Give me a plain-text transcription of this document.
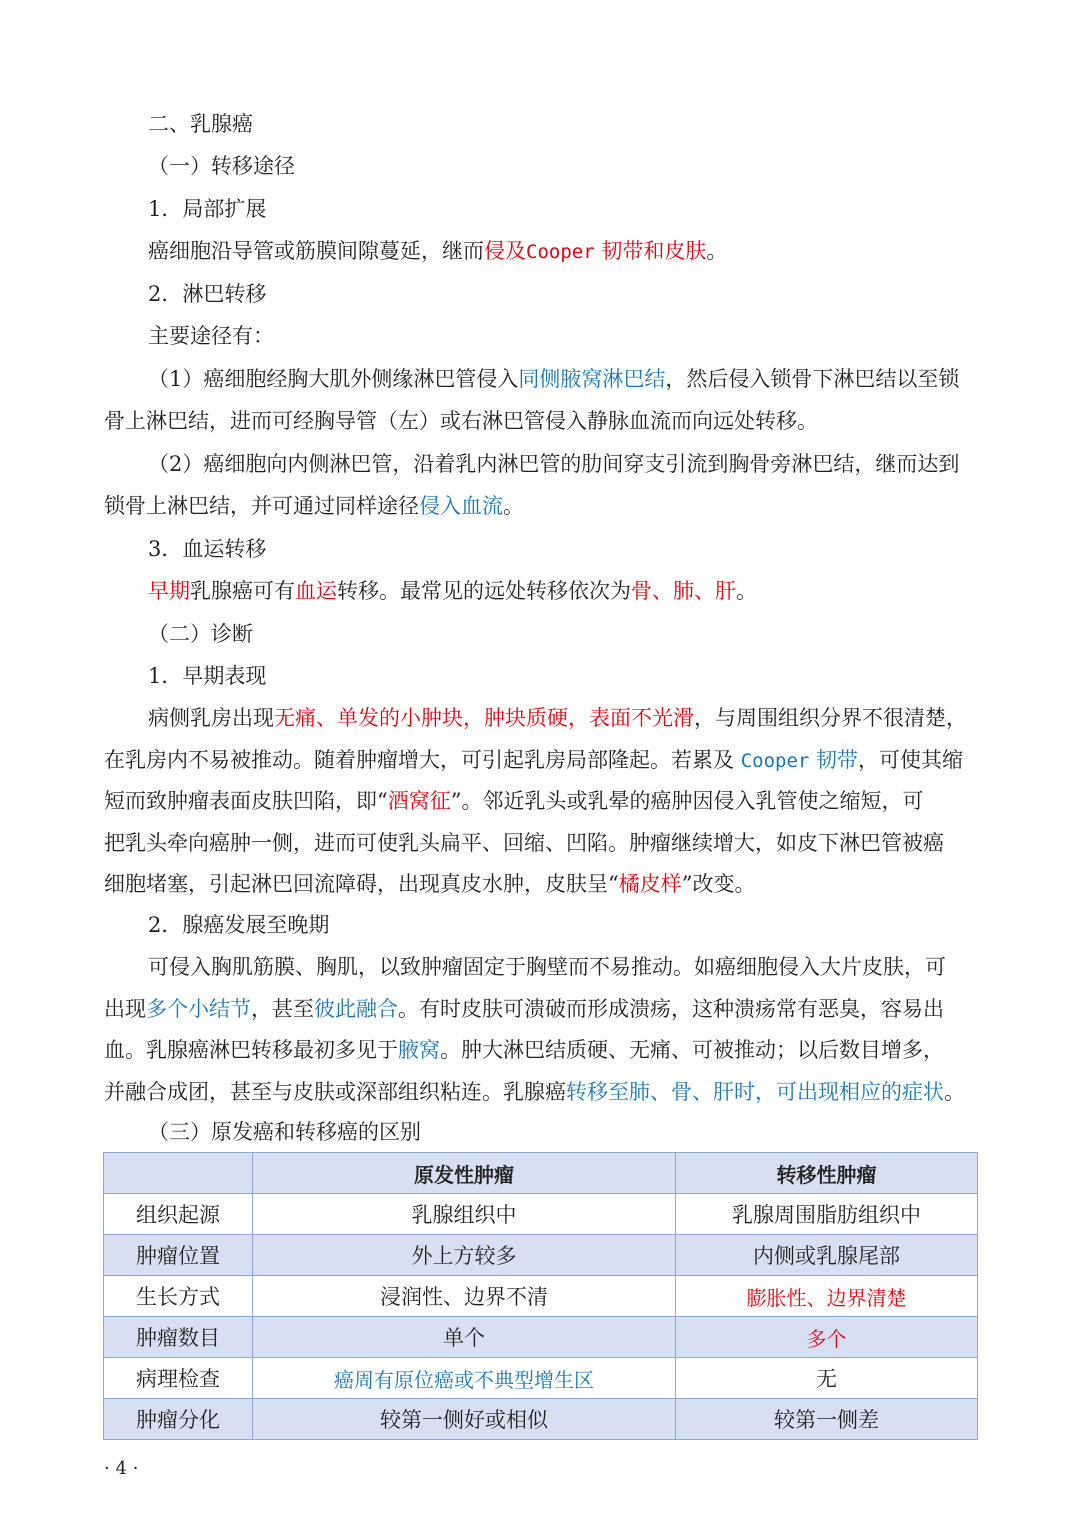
二、乳腺癌
（一）转移途径
1．局部扩展
癌细胞沿导管或筋膜间隙蔓延，继而侵及Cooper 韧带和皮肤。
2．淋巴转移
主要途径有：
（1）癌细胞经胸大肌外侧缘淋巴管侵入同侧腋窝淋巴结，然后侵入锁骨下淋巴结以至锁
骨上淋巴结，进而可经胸导管（左）或右淋巴管侵入静脉血流而向远处转移。
（2）癌细胞向内侧淋巴管，沿着乳内淋巴管的肋间穿支引流到胸骨旁淋巴结，继而达到
锁骨上淋巴结，并可通过同样途径侵入血流。
3．血运转移
早期乳腺癌可有血运转移。最常见的远处转移依次为骨、肺、肝。
（二）诊断
1．早期表现
病侧乳房出现无痛、单发的小肿块，肿块质硬，表面不光滑，与周围组织分界不很清楚，
在乳房内不易被推动。随着肿瘤增大，可引起乳房局部隆起。若累及 Cooper 韧带，可使其缩
短而致肿瘤表面皮肤凹陷，即“酒窝征”。邻近乳头或乳晕的癌肿因侵入乳管使之缩短，可
把乳头牵向癌肿一侧，进而可使乳头扁平、回缩、凹陷。肿瘤继续增大，如皮下淋巴管被癌
细胞堵塞，引起淋巴回流障碍，出现真皮水肿，皮肤呈“橘皮样”改变。
2．腺癌发展至晚期
可侵入胸肌筋膜、胸肌，以致肿瘤固定于胸壁而不易推动。如癌细胞侵入大片皮肤，可
出现多个小结节，甚至彼此融合。有时皮肤可溃破而形成溃疡，这种溃疡常有恶臭，容易出
血。乳腺癌淋巴转移最初多见于腋窝。肿大淋巴结质硬、无痛、可被推动；以后数目增多，
并融合成团，甚至与皮肤或深部组织粘连。乳腺癌转移至肺、骨、肝时，可出现相应的症状。
（三）原发癌和转移癌的区别
	原发性肿瘤	转移性肿瘤
组织起源	乳腺组织中	乳腺周围脂肪组织中
肿瘤位置	外上方较多	内侧或乳腺尾部
生长方式	浸润性、边界不清	膨胀性、边界清楚
肿瘤数目	单个	多个
病理检查	癌周有原位癌或不典型增生区	无
肿瘤分化	较第一侧好或相似	较第一侧差
· 4 ·
